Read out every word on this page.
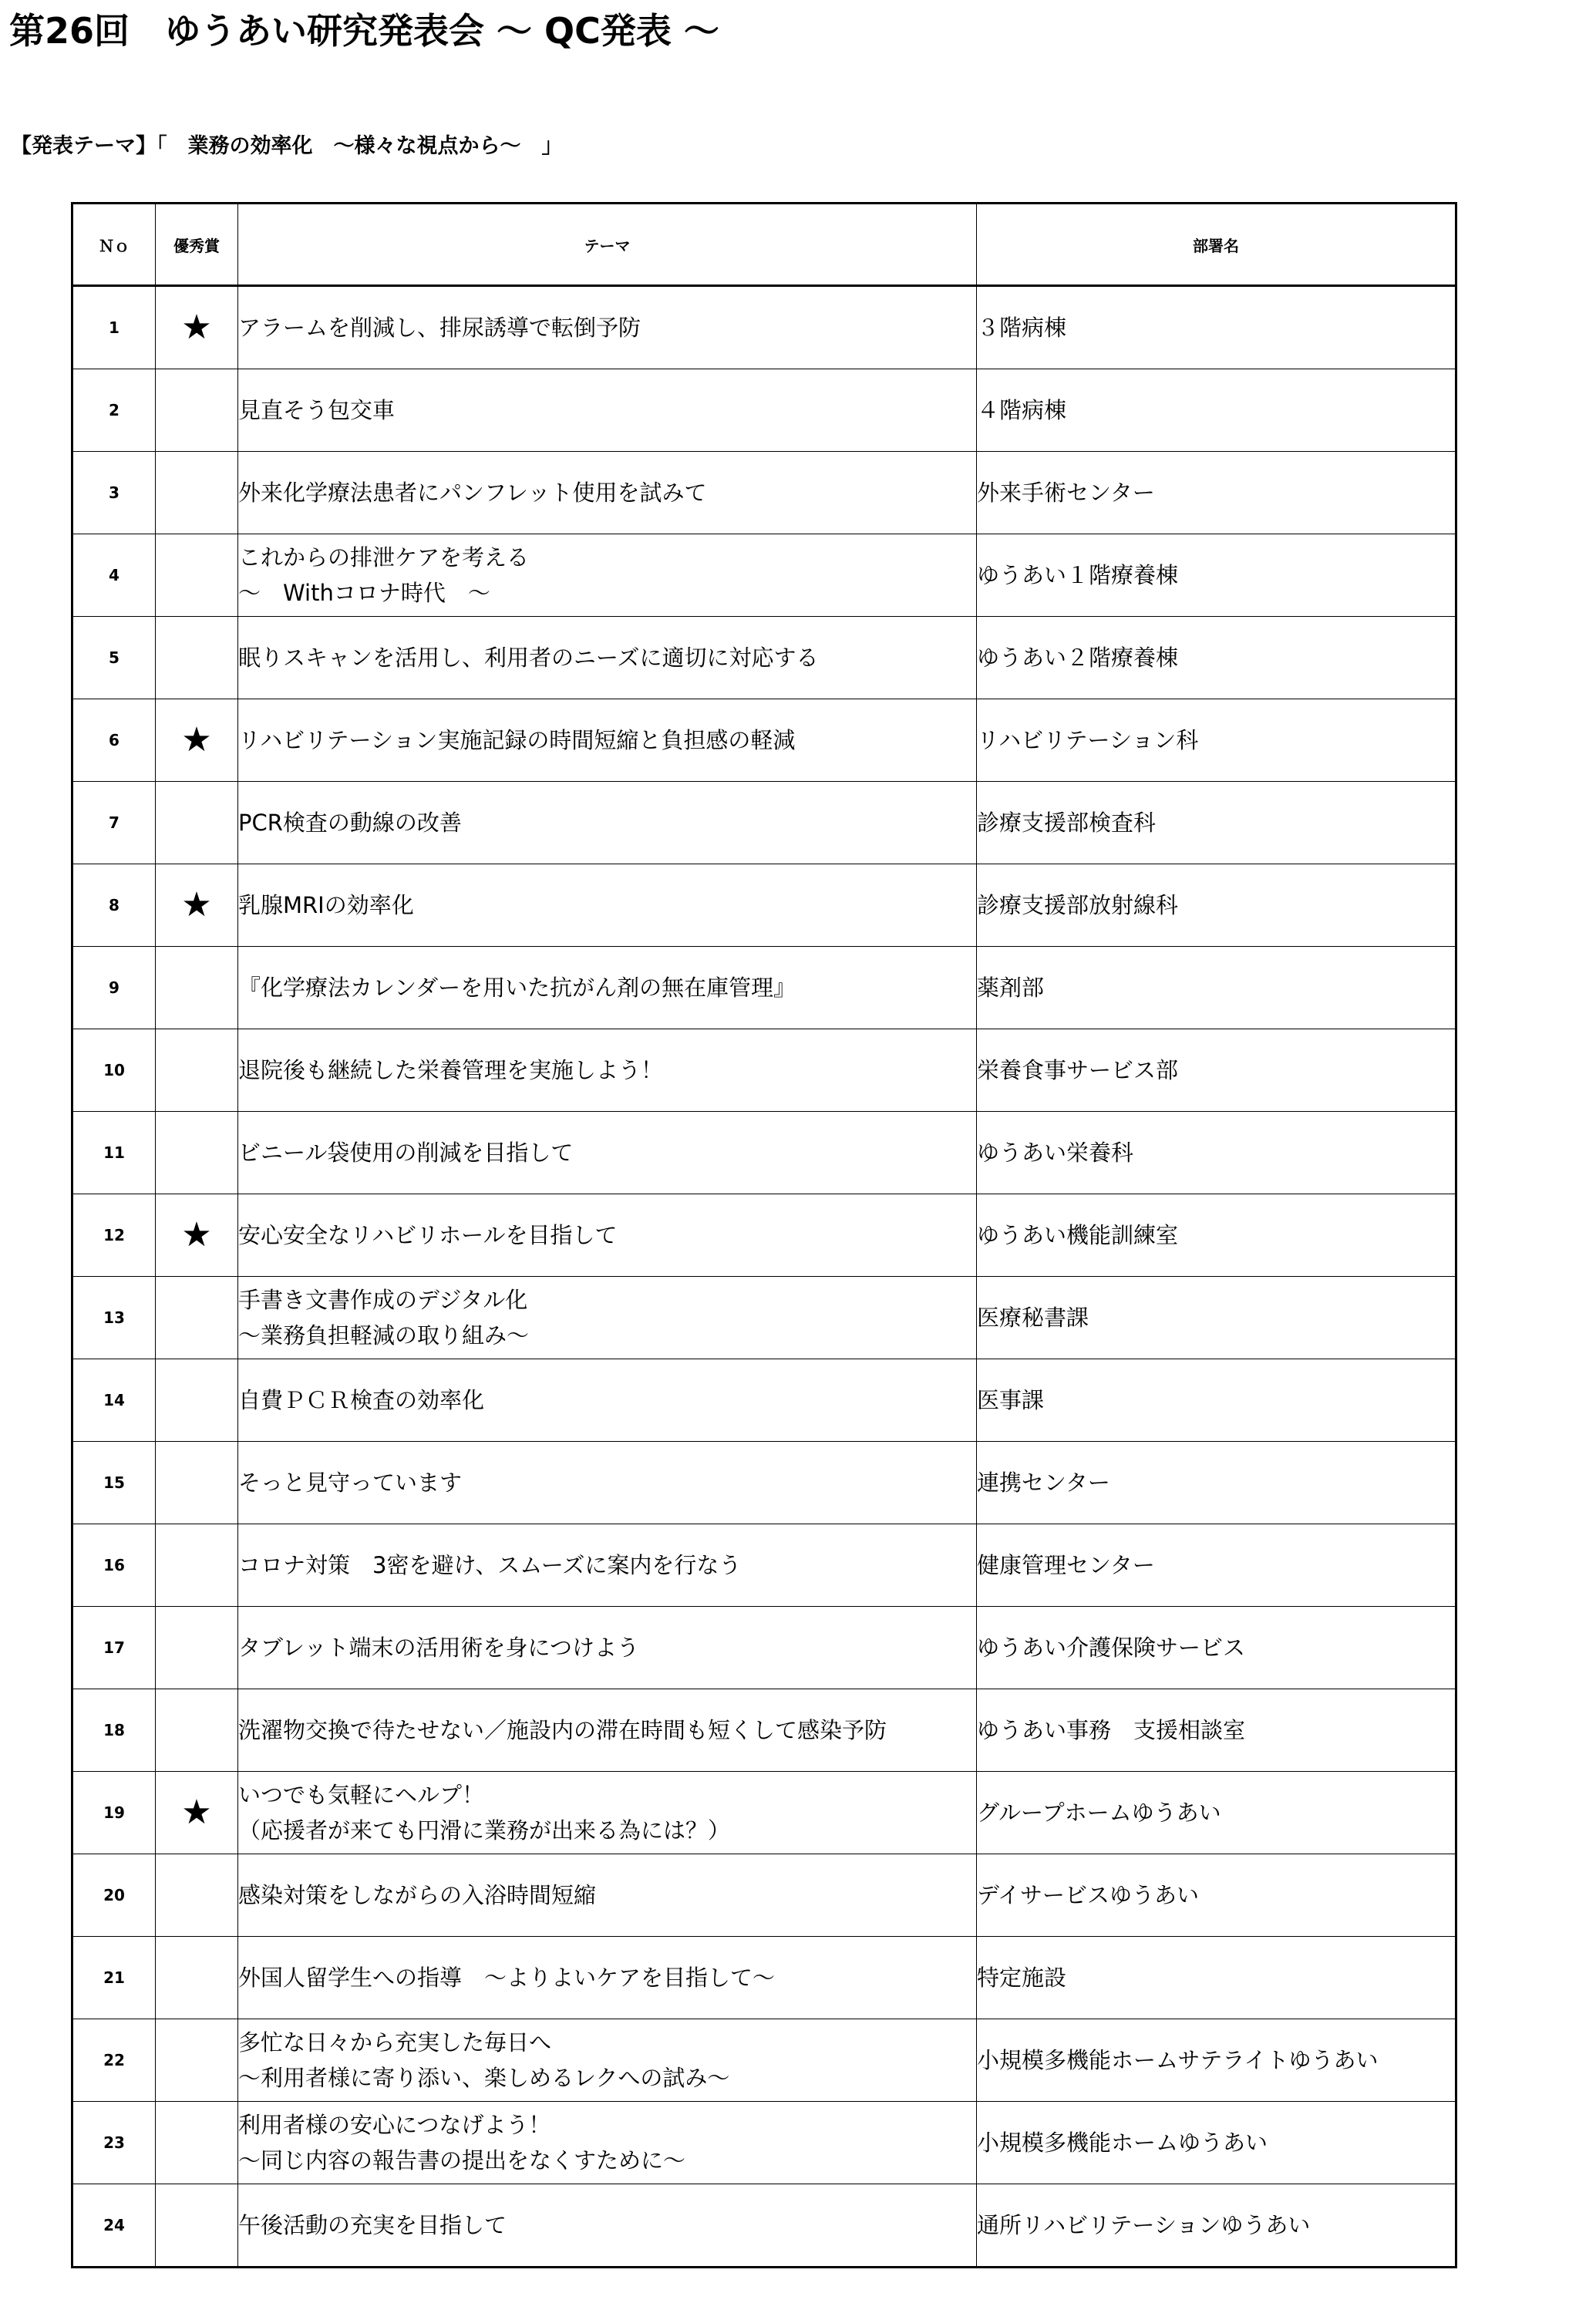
第26回　ゆうあい研究発表会 ～ QC発表 ～
【発表テーマ】「　業務の効率化　～様々な視点から～　」
Ｎｏ	優秀賞	テーマ	部署名
1	★	アラームを削減し、排尿誘導で転倒予防	３階病棟
2		見直そう包交車	４階病棟
3		外来化学療法患者にパンフレット使用を試みて	外来手術センター
4		これからの排泄ケアを考える
～　Withコロナ時代　～	ゆうあい１階療養棟
5		眠りスキャンを活用し、利用者のニーズに適切に対応する	ゆうあい２階療養棟
6	★	リハビリテーション実施記録の時間短縮と負担感の軽減	リハビリテーション科
7		PCR検査の動線の改善	診療支援部検査科
8	★	乳腺MRIの効率化	診療支援部放射線科
9		『化学療法カレンダーを用いた抗がん剤の無在庫管理』	薬剤部
10		退院後も継続した栄養管理を実施しよう！	栄養食事サービス部
11		ビニール袋使用の削減を目指して	ゆうあい栄養科
12	★	安心安全なリハビリホールを目指して	ゆうあい機能訓練室
13		手書き文書作成のデジタル化
～業務負担軽減の取り組み～	医療秘書課
14		自費ＰＣＲ検査の効率化	医事課
15		そっと見守っています	連携センター
16		コロナ対策　3密を避け、スムーズに案内を行なう	健康管理センター
17		タブレット端末の活用術を身につけよう	ゆうあい介護保険サービス
18		洗濯物交換で待たせない／施設内の滞在時間も短くして感染予防	ゆうあい事務　支援相談室
19	★	いつでも気軽にヘルプ！
（応援者が来ても円滑に業務が出来る為には？）	グループホームゆうあい
20		感染対策をしながらの入浴時間短縮	デイサービスゆうあい
21		外国人留学生への指導　～よりよいケアを目指して～	特定施設
22		多忙な日々から充実した毎日へ
～利用者様に寄り添い、楽しめるレクへの試み～	小規模多機能ホームサテライトゆうあい
23		利用者様の安心につなげよう！
～同じ内容の報告書の提出をなくすために～	小規模多機能ホームゆうあい
24		午後活動の充実を目指して	通所リハビリテーションゆうあい
